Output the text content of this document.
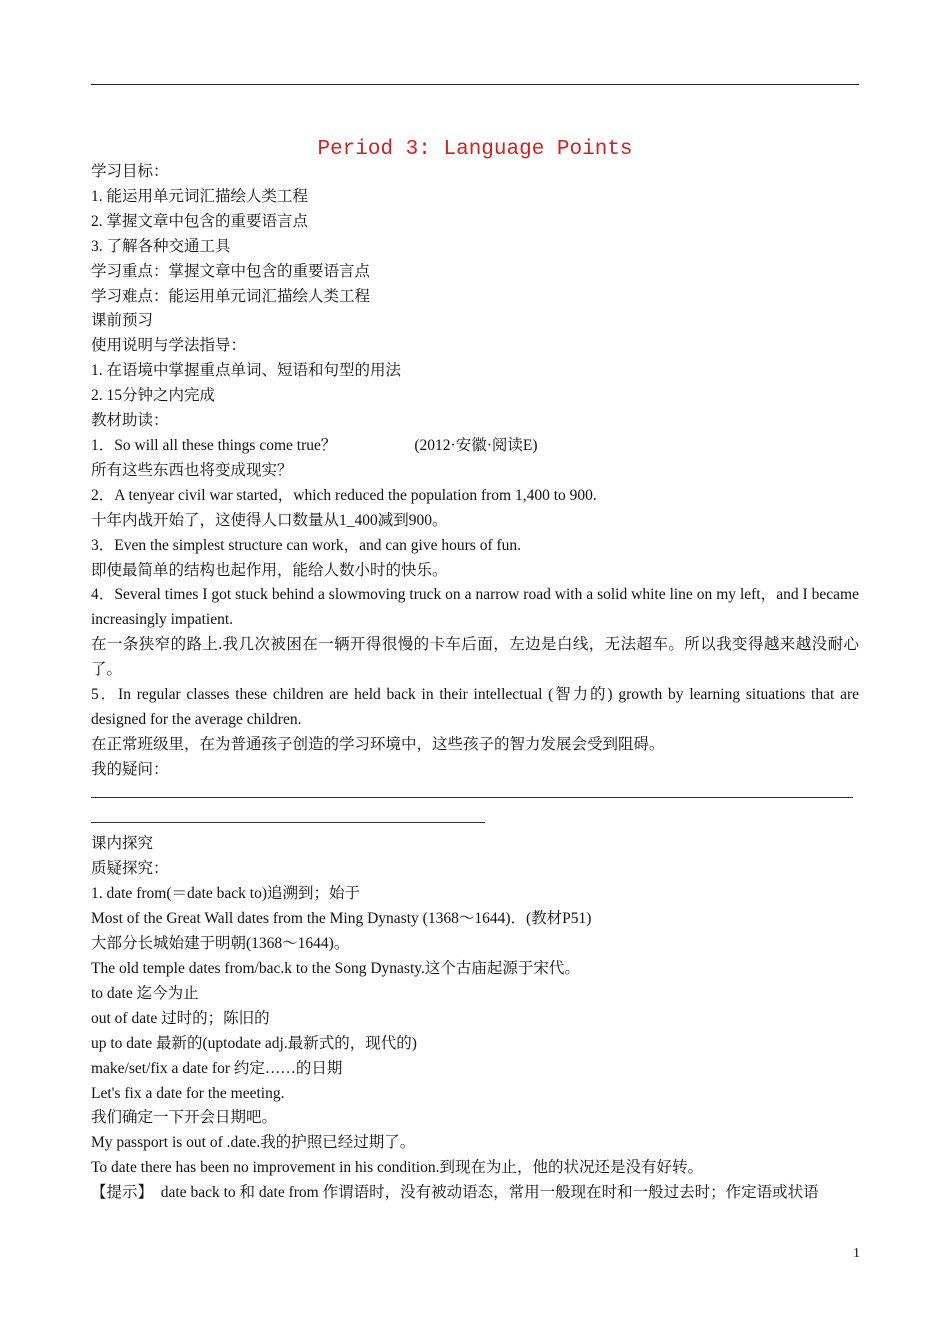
Period 3: Language Points
学习目标：
1. 能运用单元词汇描绘人类工程
2. 掌握文章中包含的重要语言点
3. 了解各种交通工具
学习重点：掌握文章中包含的重要语言点
学习难点：能运用单元词汇描绘人类工程
课前预习
使用说明与学法指导：
1. 在语境中掌握重点单词、短语和句型的用法
2. 15分钟之内完成
教材助读：
1．So will all these things come true？	(2012·安徽·阅读E)
所有这些东西也将变成现实？
2．A tenyear civil war started，which reduced the population from 1,400 to 900.
十年内战开始了，这使得人口数量从1_400减到900。
3．Even the simplest structure can work，and can give hours of fun.
即使最简单的结构也起作用，能给人数小时的快乐。
4．Several times I got stuck behind a slowmoving truck on a narrow road with a solid white line on my left，and I became increasingly impatient.
在一条狭窄的路上.我几次被困在一辆开得很慢的卡车后面，左边是白线，无法超车。所以我变得越来越没耐心了。
5．In regular classes these children are held back in their intellectual (智力的) growth by learning situations that are designed for the average children.
在正常班级里，在为普通孩子创造的学习环境中，这些孩子的智力发展会受到阻碍。
我的疑问：
课内探究
质疑探究：
1. date from(＝date back to)追溯到；始于
Most of the Great Wall dates from the Ming Dynasty (1368～1644)．(教材P51)
大部分长城始建于明朝(1368～1644)。
The old temple dates from/bac.k to the Song Dynasty.这个古庙起源于宋代。
to date 迄今为止
out of date 过时的；陈旧的
up to date 最新的(uptodate adj.最新式的，现代的)
make/set/fix a date for 约定……的日期
Let's fix a date for the meeting.
我们确定一下开会日期吧。
My passport is out of .date.我的护照已经过期了。
To date there has been no improvement in his condition.到现在为止，他的状况还是没有好转。
【提示】　date back to 和 date from 作谓语时，没有被动语态，常用一般现在时和一般过去时；作定语或状语
1
